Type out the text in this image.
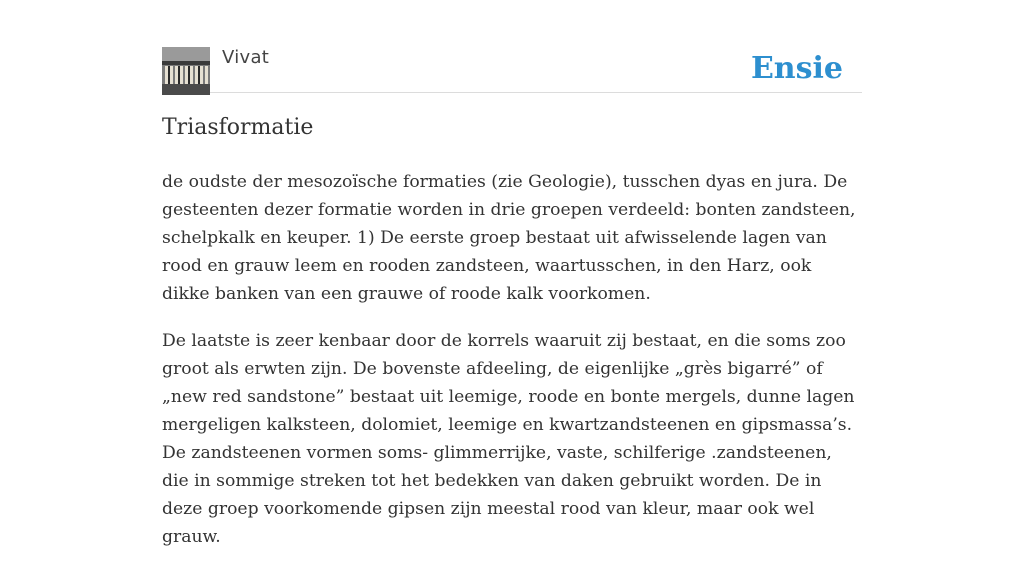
Vivat	Ensie
Triasformatie

de oudste der mesozoïsche formaties (zie Geologie), tusschen dyas en jura. De gesteenten dezer formatie worden in drie groepen verdeeld: bonten zandsteen, schelpkalk en keuper. 1) De eerste groep bestaat uit afwisselende lagen van rood en grauw leem en rooden zandsteen, waartusschen, in den Harz, ook dikke banken van een grauwe of roode kalk voorkomen.

De laatste is zeer kenbaar door de korrels waaruit zij bestaat, en die soms zoo groot als erwten zijn. De bovenste afdeeling, de eigenlijke „grès bigarré” of „new red sandstone” bestaat uit leemige, roode en bonte mergels, dunne lagen mergeligen kalksteen, dolomiet, leemige en kwartzandsteenen en gipsmassa’s. De zandsteenen vormen soms- glimmerrijke, vaste, schilferige .zandsteenen, die in sommige streken tot het bedekken van daken gebruikt worden. De in deze groep voorkomende gipsen zijn meestal rood van kleur, maar ook wel grauw.
